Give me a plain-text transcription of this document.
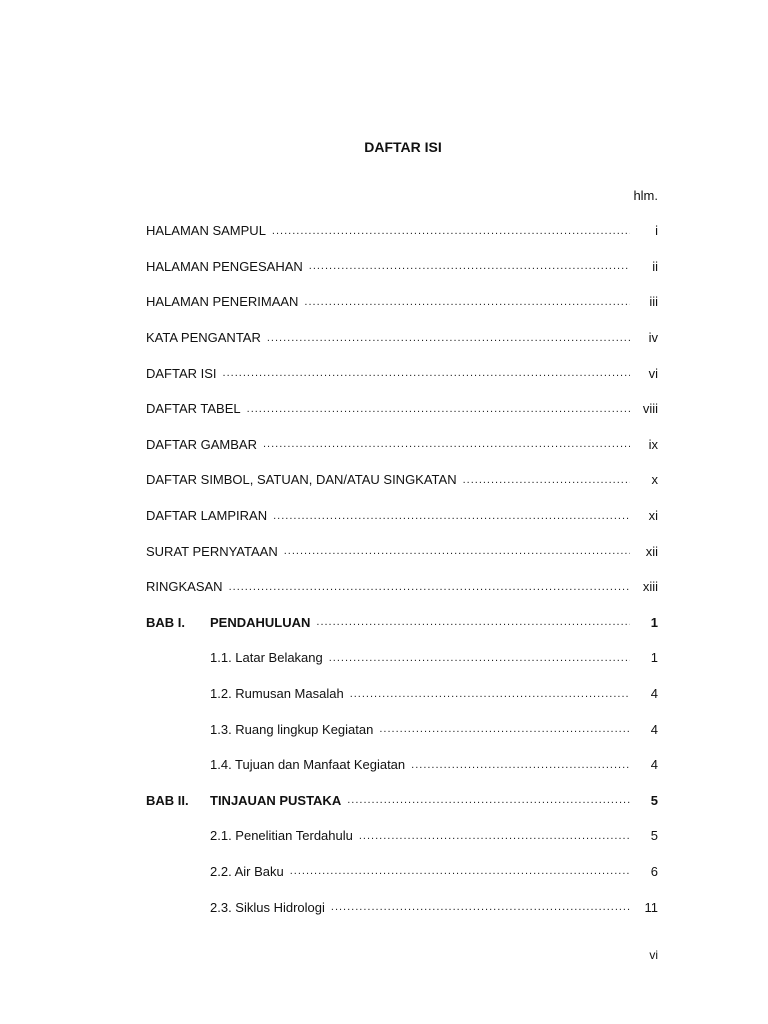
DAFTAR ISI
hlm.
HALAMAN SAMPUL .....	i
HALAMAN PENGESAHAN .....	ii
HALAMAN PENERIMAAN .....	iii
KATA PENGANTAR .....	iv
DAFTAR ISI .....	vi
DAFTAR TABEL .....	viii
DAFTAR GAMBAR .....	ix
DAFTAR SIMBOL, SATUAN, DAN/ATAU SINGKATAN .....	x
DAFTAR LAMPIRAN .....	xi
SURAT PERNYATAAN .....	xii
RINGKASAN .....	xiii
BAB I.	PENDAHULUAN .....	1
1.1. Latar Belakang .....	1
1.2. Rumusan Masalah .....	4
1.3. Ruang lingkup Kegiatan .....	4
1.4. Tujuan dan Manfaat Kegiatan .....	4
BAB II.	TINJAUAN PUSTAKA .....	5
2.1. Penelitian Terdahulu .....	5
2.2. Air Baku .....	6
2.3. Siklus Hidrologi .....	11
vi
